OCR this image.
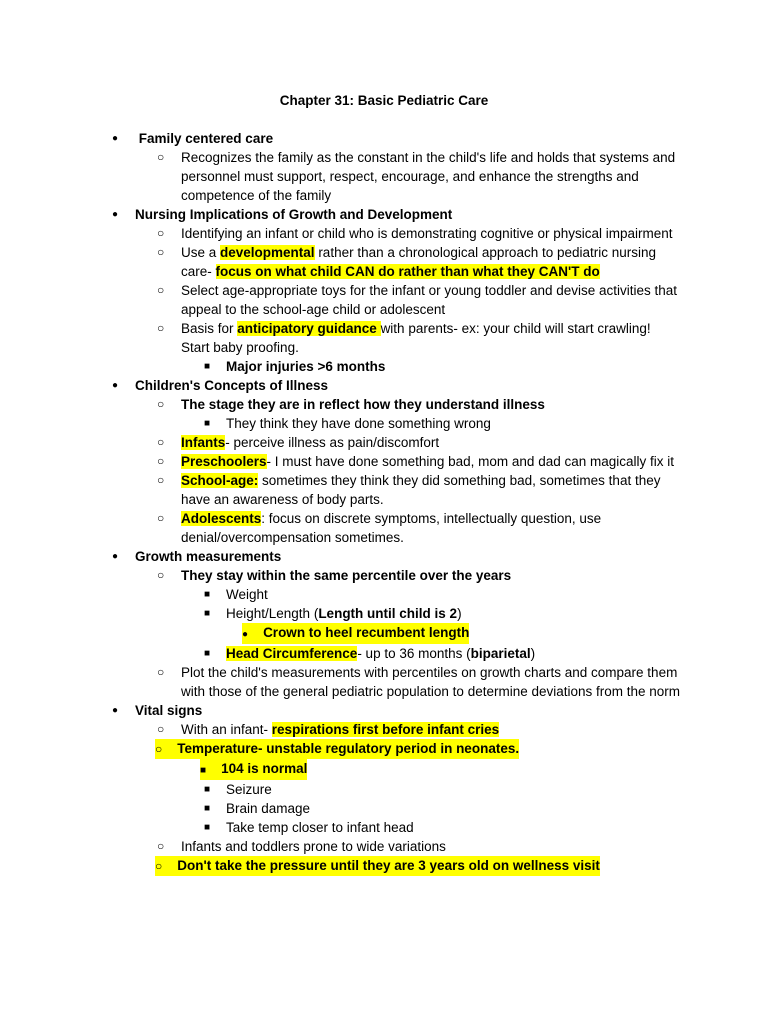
Chapter 31: Basic Pediatric Care
● Family centered care
○ Recognizes the family as the constant in the child's life and holds that systems and personnel must support, respect, encourage, and enhance the strengths and competence of the family
● Nursing Implications of Growth and Development
○ Identifying an infant or child who is demonstrating cognitive or physical impairment
○ Use a developmental rather than a chronological approach to pediatric nursing care- focus on what child CAN do rather than what they CAN'T do
○ Select age-appropriate toys for the infant or young toddler and devise activities that appeal to the school-age child or adolescent
○ Basis for anticipatory guidance with parents- ex: your child will start crawling! Start baby proofing.
■ Major injuries >6 months
● Children's Concepts of Illness
○ The stage they are in reflect how they understand illness
■ They think they have done something wrong
○ Infants- perceive illness as pain/discomfort
○ Preschoolers- I must have done something bad, mom and dad can magically fix it
○ School-age: sometimes they think they did something bad, sometimes that they have an awareness of body parts.
○ Adolescents: focus on discrete symptoms, intellectually question, use denial/overcompensation sometimes.
● Growth measurements
○ They stay within the same percentile over the years
■ Weight
■ Height/Length (Length until child is 2)
● Crown to heel recumbent length
■ Head Circumference- up to 36 months (biparietal)
○ Plot the child's measurements with percentiles on growth charts and compare them with those of the general pediatric population to determine deviations from the norm
● Vital signs
○ With an infant- respirations first before infant cries
○ Temperature- unstable regulatory period in neonates.
■ 104 is normal
■ Seizure
■ Brain damage
■ Take temp closer to infant head
○ Infants and toddlers prone to wide variations
○ Don't take the pressure until they are 3 years old on wellness visit
